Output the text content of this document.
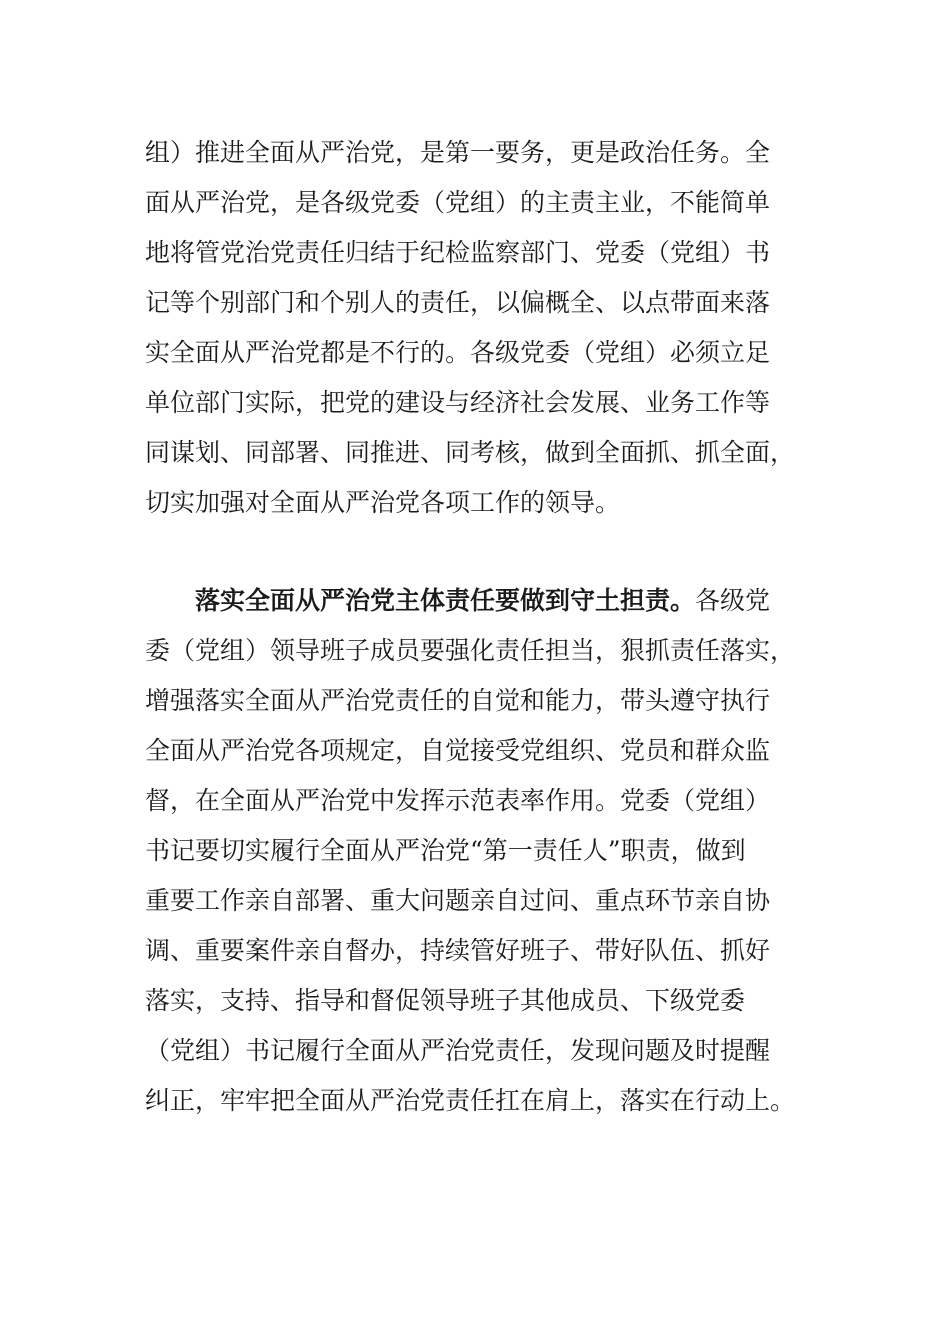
组）推进全面从严治党，是第一要务，更是政治任务。全
面从严治党，是各级党委（党组）的主责主业，不能简单
地将管党治党责任归结于纪检监察部门、党委（党组）书
记等个别部门和个别人的责任，以偏概全、以点带面来落
实全面从严治党都是不行的。各级党委（党组）必须立足
单位部门实际，把党的建设与经济社会发展、业务工作等
同谋划、同部署、同推进、同考核，做到全面抓、抓全面，
切实加强对全面从严治党各项工作的领导。
落实全面从严治党主体责任要做到守土担责。各级党
委（党组）领导班子成员要强化责任担当，狠抓责任落实，
增强落实全面从严治党责任的自觉和能力，带头遵守执行
全面从严治党各项规定，自觉接受党组织、党员和群众监
督，在全面从严治党中发挥示范表率作用。党委（党组）
书记要切实履行全面从严治党“第一责任人”职责，做到
重要工作亲自部署、重大问题亲自过问、重点环节亲自协
调、重要案件亲自督办，持续管好班子、带好队伍、抓好
落实，支持、指导和督促领导班子其他成员、下级党委
（党组）书记履行全面从严治党责任，发现问题及时提醒
纠正，牢牢把全面从严治党责任扛在肩上，落实在行动上。
